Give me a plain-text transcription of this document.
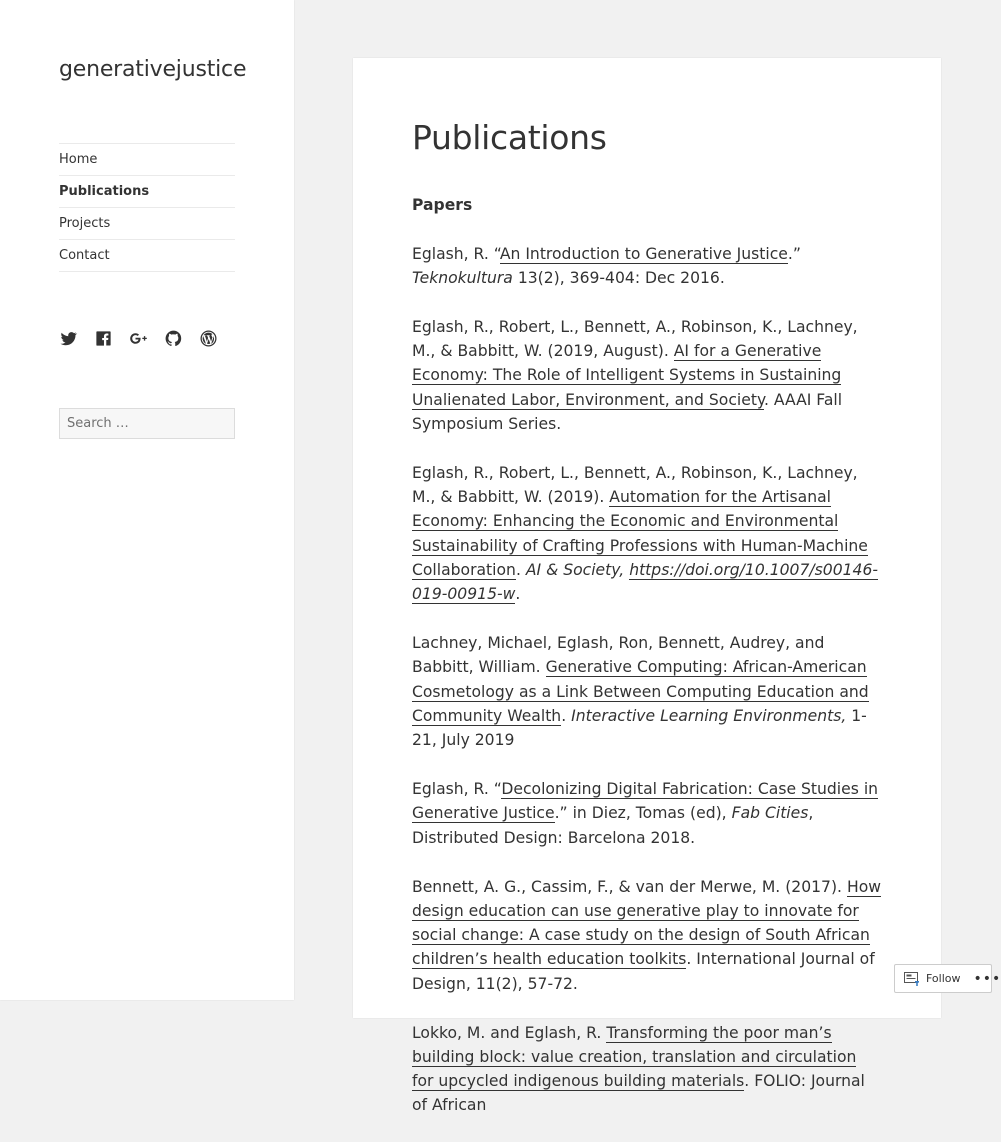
generativejustice
Home
Publications
Projects
Contact
Search …
Publications
Papers

Eglash, R. “An Introduction to Generative Justice.” Teknokultura 13(2), 369-404: Dec 2016.

Eglash, R., Robert, L., Bennett, A., Robinson, K., Lachney, M., & Babbitt, W. (2019, August). AI for a Generative Economy: The Role of Intelligent Systems in Sustaining Unalienated Labor, Environment, and Society. AAAI Fall Symposium Series.

Eglash, R., Robert, L., Bennett, A., Robinson, K., Lachney, M., & Babbitt, W. (2019). Automation for the Artisanal Economy: Enhancing the Economic and Environmental Sustainability of Crafting Professions with Human-Machine Collaboration. AI & Society, https://doi.org/10.1007/s00146-019-00915-w.

Lachney, Michael, Eglash, Ron, Bennett, Audrey, and Babbitt, William. Generative Computing: African-American Cosmetology as a Link Between Computing Education and Community Wealth. Interactive Learning Environments, 1-21, July 2019

Eglash, R. “Decolonizing Digital Fabrication: Case Studies in Generative Justice.” in Diez, Tomas (ed), Fab Cities, Distributed Design: Barcelona 2018.

Bennett, A. G., Cassim, F., & van der Merwe, M. (2017). How design education can use generative play to innovate for social change: A case study on the design of South African children’s health education toolkits. International Journal of Design, 11(2), 57-72.

Lokko, M. and Eglash, R. Transforming the poor man’s building block: value creation, translation and circulation for upcycled indigenous building materials. FOLIO: Journal of African

Follow •••
